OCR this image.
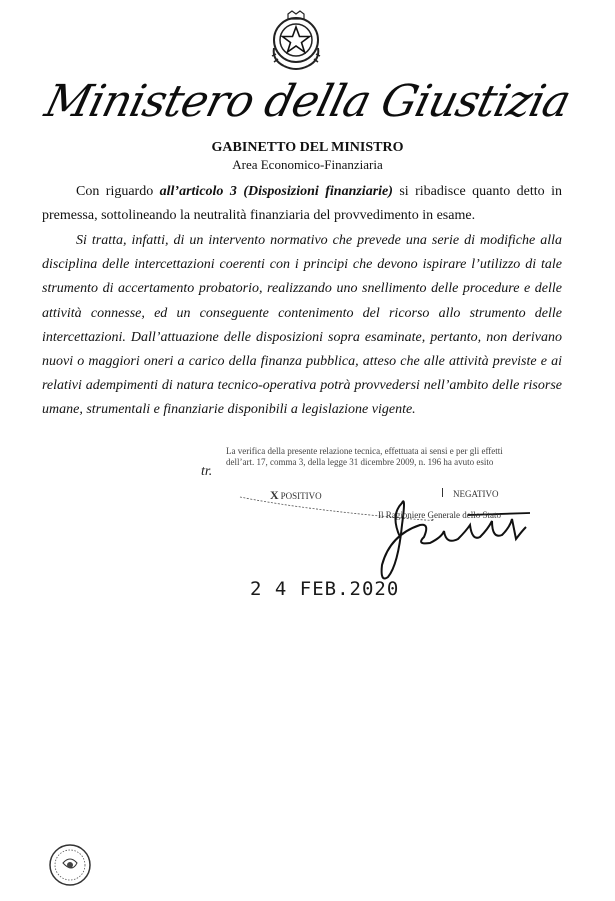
Ministero della Giustizia
GABINETTO DEL MINISTRO
Area Economico-Finanziaria

Con riguardo all’articolo 3 (Disposizioni finanziarie) si ribadisce quanto detto in premessa, sottolineando la neutralità finanziaria del provvedimento in esame.

Si tratta, infatti, di un intervento normativo che prevede una serie di modifiche alla disciplina delle intercettazioni coerenti con i principi che devono ispirare l’utilizzo di tale strumento di accertamento probatorio, realizzando uno snellimento delle procedure e delle attività connesse, ed un conseguente contenimento del ricorso allo strumento delle intercettazioni. Dall’attuazione delle disposizioni sopra esaminate, pertanto, non derivano nuovi o maggiori oneri a carico della finanza pubblica, atteso che alle attività previste e ai relativi adempimenti di natura tecnico-operativa potrà provvedersi nell’ambito delle risorse umane, strumentali e finanziarie disponibili a legislazione vigente.

La verifica della presente relazione tecnica, effettuata ai sensi e per gli effetti dell’art. 17, comma 3, della legge 31 dicembre 2009, n. 196 ha avuto esito
tr.
X POSITIVO	NEGATIVO
Il Ragioniere Generale dello Stato
2 4 FEB.2020
